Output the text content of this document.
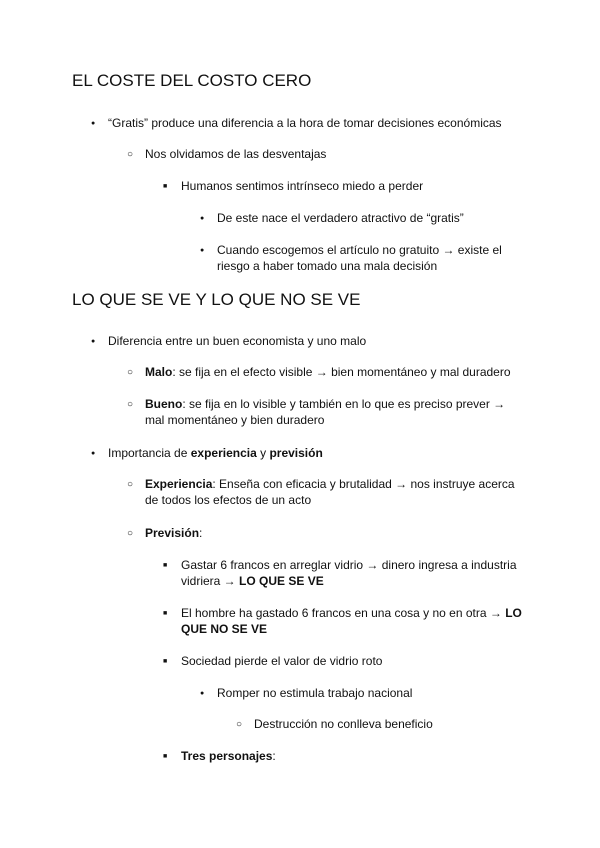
EL COSTE DEL COSTO CERO
●
“Gratis” produce una diferencia a la hora de tomar decisiones económicas
○
Nos olvidamos de las desventajas
■
Humanos sentimos intrínseco miedo a perder
●
De este nace el verdadero atractivo de “gratis”
●
Cuando escogemos el artículo no gratuito → existe el
riesgo a haber tomado una mala decisión
LO QUE SE VE Y LO QUE NO SE VE
●
Diferencia entre un buen economista y uno malo
○
Malo: se fija en el efecto visible → bien momentáneo y mal duradero
○
Bueno: se fija en lo visible y también en lo que es preciso prever →
mal momentáneo y bien duradero
●
Importancia de experiencia y previsión
○
Experiencia: Enseña con eficacia y brutalidad → nos instruye acerca
de todos los efectos de un acto
○
Previsión:
■
Gastar 6 francos en arreglar vidrio → dinero ingresa a industria
vidriera → LO QUE SE VE
■
El hombre ha gastado 6 francos en una cosa y no en otra → LO
QUE NO SE VE
■
Sociedad pierde el valor de vidrio roto
●
Romper no estimula trabajo nacional
○
Destrucción no conlleva beneficio
■
Tres personajes:
